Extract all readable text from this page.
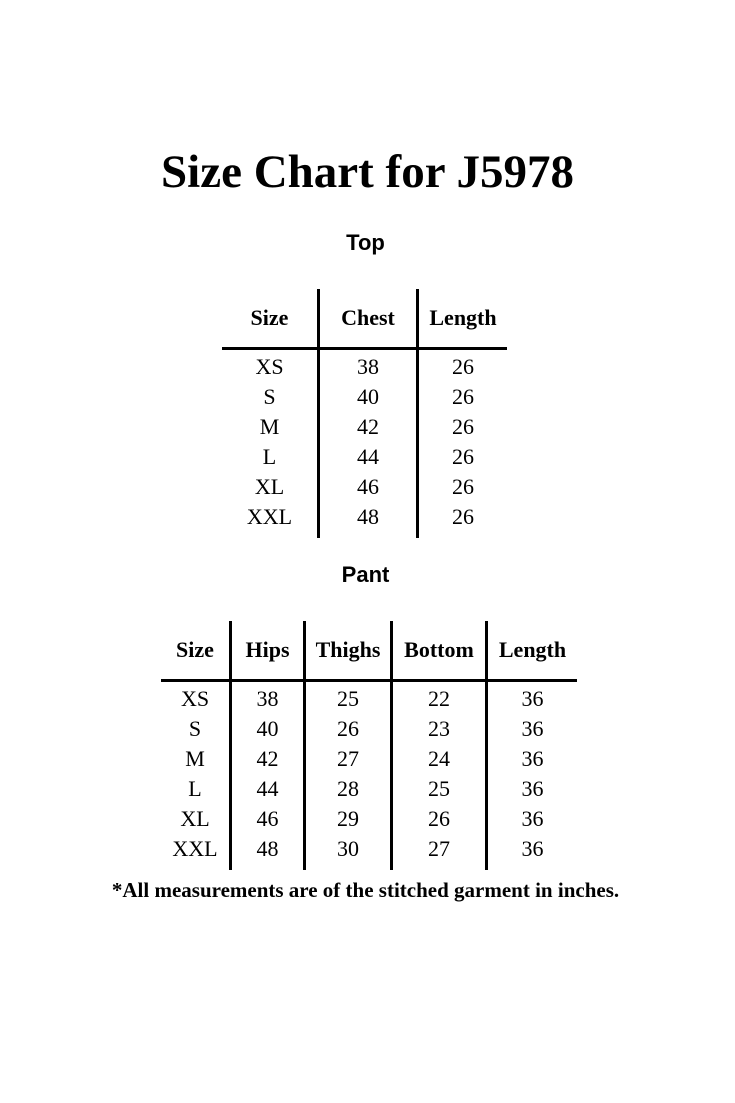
Size Chart for J5978
Top
Size	Chest	Length
XS	38	26
S	40	26
M	42	26
L	44	26
XL	46	26
XXL	48	26
Pant
Size	Hips	Thighs	Bottom	Length
XS	38	25	22	36
S	40	26	23	36
M	42	27	24	36
L	44	28	25	36
XL	46	29	26	36
XXL	48	30	27	36

*All measurements are of the stitched garment in inches.
